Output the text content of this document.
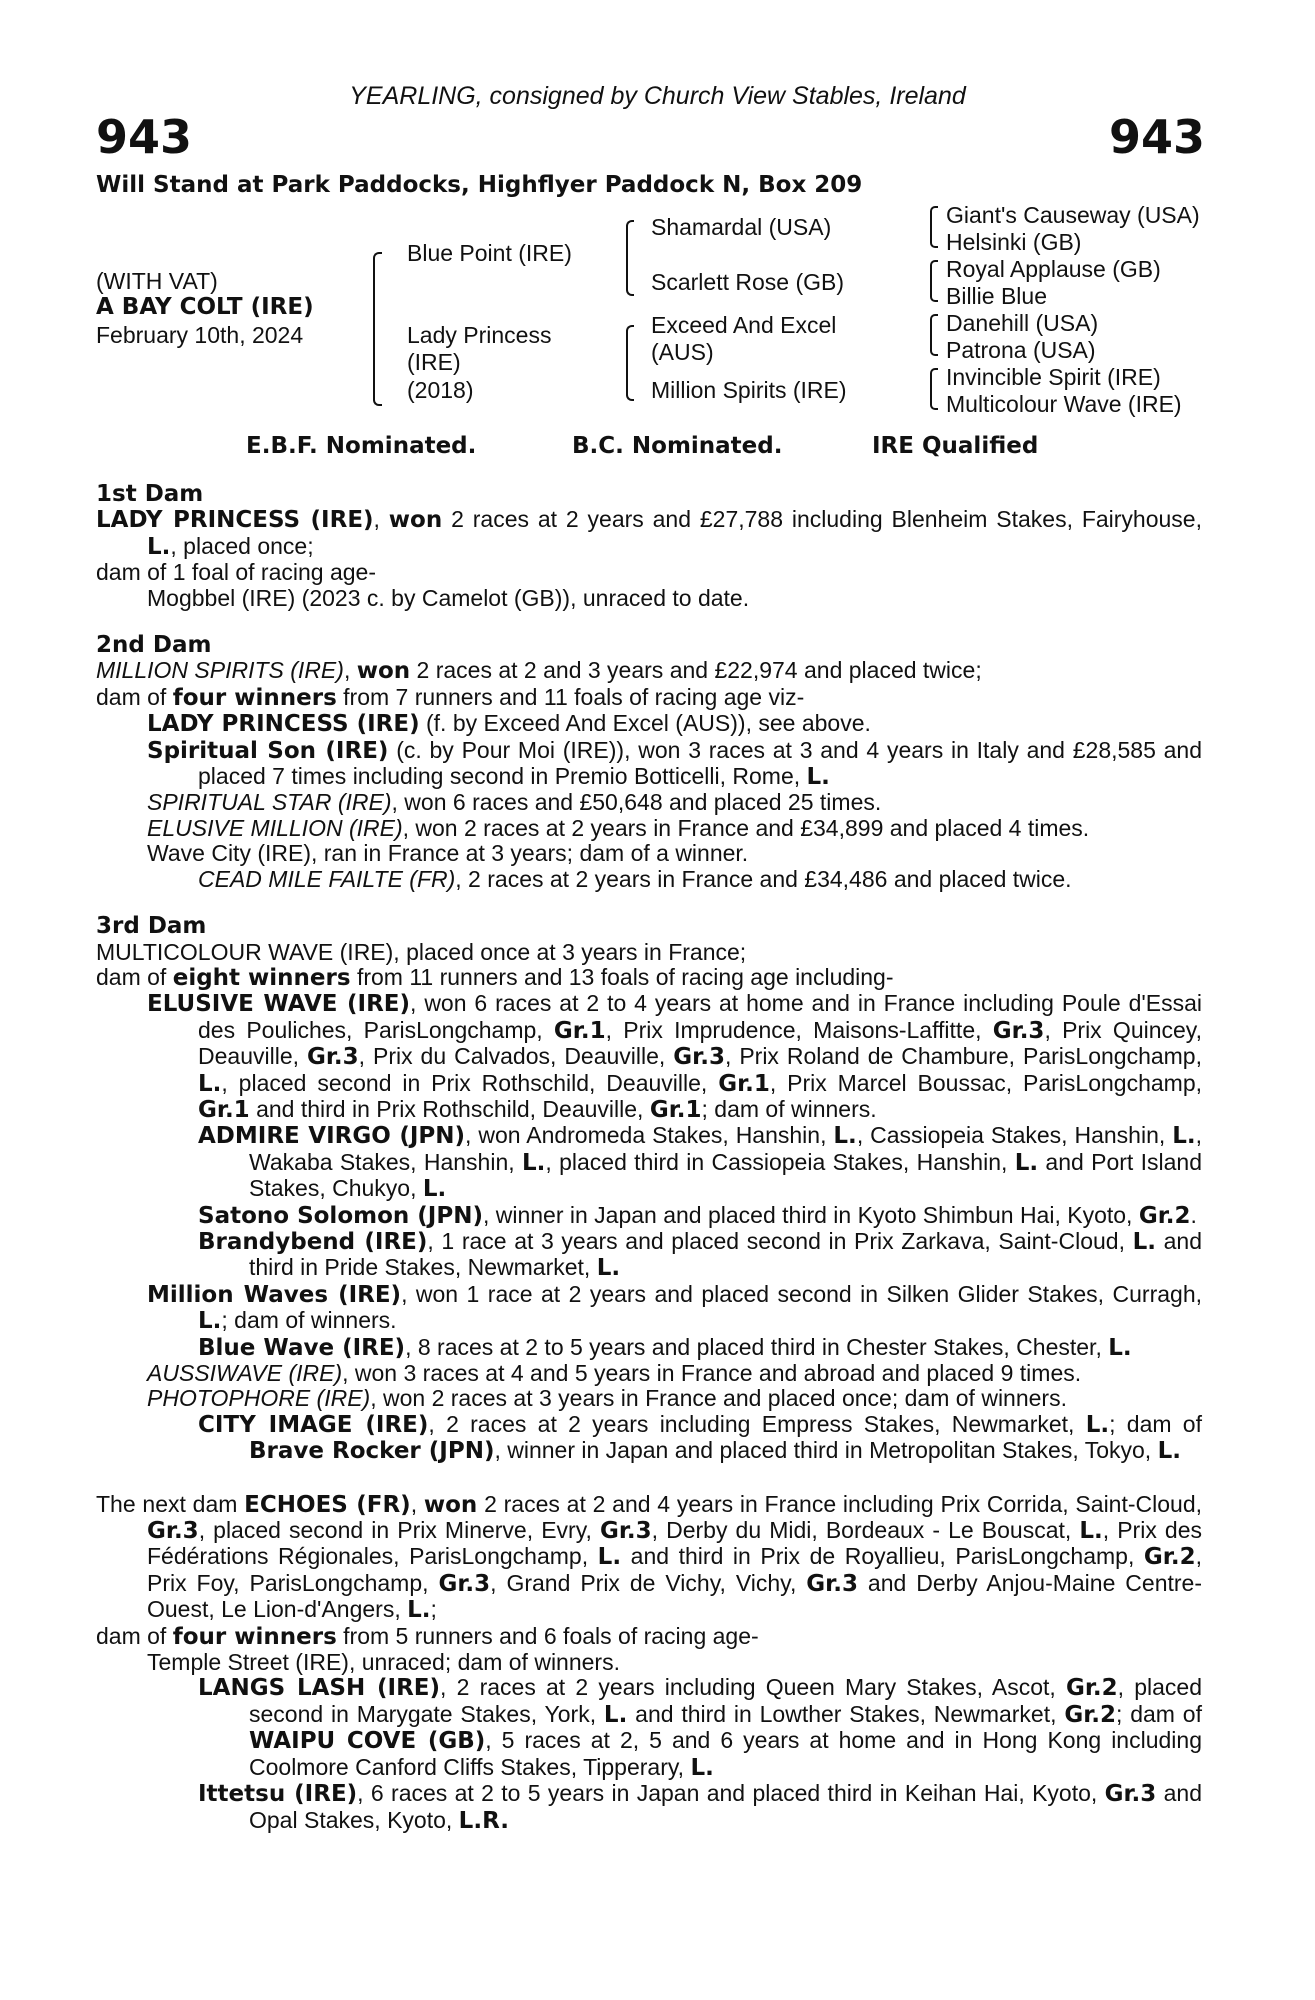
YEARLING, consigned by Church View Stables, Ireland
943	943
Will Stand at Park Paddocks, Highflyer Paddock N, Box 209
(WITH VAT)
A BAY COLT (IRE)
February 10th, 2024
Blue Point (IRE)
Lady Princess
(IRE)
(2018)
Shamardal (USA)
Scarlett Rose (GB)
Exceed And Excel
(AUS)
Million Spirits (IRE)
Giant's Causeway (USA)
Helsinki (GB)
Royal Applause (GB)
Billie Blue
Danehill (USA)
Patrona (USA)
Invincible Spirit (IRE)
Multicolour Wave (IRE)
E.B.F. Nominated.	B.C. Nominated.	IRE Qualified
1st Dam
LADY PRINCESS (IRE), won 2 races at 2 years and £27,788 including Blenheim Stakes, Fairyhouse, L., placed once;
dam of 1 foal of racing age-
Mogbbel (IRE) (2023 c. by Camelot (GB)), unraced to date.
2nd Dam
MILLION SPIRITS (IRE), won 2 races at 2 and 3 years and £22,974 and placed twice;
dam of four winners from 7 runners and 11 foals of racing age viz-
LADY PRINCESS (IRE) (f. by Exceed And Excel (AUS)), see above.
Spiritual Son (IRE) (c. by Pour Moi (IRE)), won 3 races at 3 and 4 years in Italy and £28,585 and placed 7 times including second in Premio Botticelli, Rome, L.
SPIRITUAL STAR (IRE), won 6 races and £50,648 and placed 25 times.
ELUSIVE MILLION (IRE), won 2 races at 2 years in France and £34,899 and placed 4 times.
Wave City (IRE), ran in France at 3 years; dam of a winner.
CEAD MILE FAILTE (FR), 2 races at 2 years in France and £34,486 and placed twice.
3rd Dam
MULTICOLOUR WAVE (IRE), placed once at 3 years in France;
dam of eight winners from 11 runners and 13 foals of racing age including-
ELUSIVE WAVE (IRE), won 6 races at 2 to 4 years at home and in France including Poule d'Essai des Pouliches, ParisLongchamp, Gr.1, Prix Imprudence, Maisons-Laffitte, Gr.3, Prix Quincey, Deauville, Gr.3, Prix du Calvados, Deauville, Gr.3, Prix Roland de Chambure, ParisLongchamp, L., placed second in Prix Rothschild, Deauville, Gr.1, Prix Marcel Boussac, ParisLongchamp, Gr.1 and third in Prix Rothschild, Deauville, Gr.1; dam of winners.
ADMIRE VIRGO (JPN), won Andromeda Stakes, Hanshin, L., Cassiopeia Stakes, Hanshin, L., Wakaba Stakes, Hanshin, L., placed third in Cassiopeia Stakes, Hanshin, L. and Port Island Stakes, Chukyo, L.
Satono Solomon (JPN), winner in Japan and placed third in Kyoto Shimbun Hai, Kyoto, Gr.2.
Brandybend (IRE), 1 race at 3 years and placed second in Prix Zarkava, Saint-Cloud, L. and third in Pride Stakes, Newmarket, L.
Million Waves (IRE), won 1 race at 2 years and placed second in Silken Glider Stakes, Curragh, L.; dam of winners.
Blue Wave (IRE), 8 races at 2 to 5 years and placed third in Chester Stakes, Chester, L.
AUSSIWAVE (IRE), won 3 races at 4 and 5 years in France and abroad and placed 9 times.
PHOTOPHORE (IRE), won 2 races at 3 years in France and placed once; dam of winners.
CITY IMAGE (IRE), 2 races at 2 years including Empress Stakes, Newmarket, L.; dam of Brave Rocker (JPN), winner in Japan and placed third in Metropolitan Stakes, Tokyo, L.
The next dam ECHOES (FR), won 2 races at 2 and 4 years in France including Prix Corrida, Saint-Cloud, Gr.3, placed second in Prix Minerve, Evry, Gr.3, Derby du Midi, Bordeaux - Le Bouscat, L., Prix des Fédérations Régionales, ParisLongchamp, L. and third in Prix de Royallieu, ParisLongchamp, Gr.2, Prix Foy, ParisLongchamp, Gr.3, Grand Prix de Vichy, Vichy, Gr.3 and Derby Anjou-Maine Centre-Ouest, Le Lion-d'Angers, L.;
dam of four winners from 5 runners and 6 foals of racing age-
Temple Street (IRE), unraced; dam of winners.
LANGS LASH (IRE), 2 races at 2 years including Queen Mary Stakes, Ascot, Gr.2, placed second in Marygate Stakes, York, L. and third in Lowther Stakes, Newmarket, Gr.2; dam of WAIPU COVE (GB), 5 races at 2, 5 and 6 years at home and in Hong Kong including Coolmore Canford Cliffs Stakes, Tipperary, L.
Ittetsu (IRE), 6 races at 2 to 5 years in Japan and placed third in Keihan Hai, Kyoto, Gr.3 and Opal Stakes, Kyoto, L.R.
